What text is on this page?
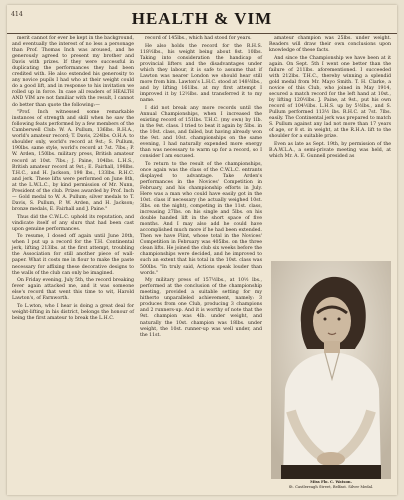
414	HEALTH & VIM

merit cannot for ever be kept in the background, and eventually the interest of no less a personage than Prof. Thomas Inch was aroused, and he generously agreed to present my brother and Davis with prizes. If they were successful in duplicating the performances they had been credited with. He also extended his generosity to any novice pupils I had who at their weight could do a good lift, and in response to his invitation we rolled up in force. In case all readers of HEALTH AND VIM are not familiar with the result, I cannot do better than quote the following:—

"Prof. Inch witnessed some remarkable instances of strength and skill when he saw the following feats performed by a few members of the Camberwell Club: W. A. Pullum, 136lbs. R.H.A., world's amateur record; T. Davis, 224lbs. O.H.A. to shoulder only, world's record at 9st.; S. Pullum, 190lbs. same style, world's record at 7st. 7lbs.; P. W. Arden, 150lbs. military press, British amateur record at 10st. 7lbs.; J. Paine, 104lbs. L.H.S., British amateur record at 9st.; E. Fairhall, 198lbs. T.H.C., and H. Jackson, 198 lbs., 133lbs. R.H.C. and jerk. These lifts were performed on June 8th, at the L.W.L.C., by kind permission of Mr. Nunn, President of the club. Prizes awarded by Prof. Inch — Gold medal to W. A. Pullum; silver medals to T. Davis, S. Pullum, P. W. Arden, and H. Jackson; bronze medals, E. Fairhall and J. Paine."

Thus did the C.W.L.C. uphold its reputation, and vindicate itself of any slurs that had been cast upon genuine performances.

To resume, I dosed off again until June 20th, when I put up a record for the T.H. Continental jerk, lifting 213lbs. at the first attempt, troubling the Association for still another piece of wall-paper. What it costs me in flour to make the paste necessary for affixing these decorative designs to the walls of the club can only be imagined.

On Friday evening, July 5th, the record breaking fever again attacked me, and it was someone else's record that went this time to wit, Harold Lawton's, of Farnworth.

To L.wton, who I hear is doing a great deal for weight-lifting in his district, belongs the honour of being the first amateur to break the L.H.C.

record of 145lbs., which had stood for years.

He also holds the record for the R.H.S. 118½lbs., his weight being about 8st. 10lbs. Taking into consideration the handicap of provincial lifters and the disadvantages under which they labour, it is safe to assume that if Lawton was nearer London we should hear still more from him. Lawton's L.H.C. stood at 148½lbs., and by lifting 161lbs. at my first attempt I improved it by 12½lbs. and transferred it to my name.

I did not break any more records until the Annual Championships, when I increased the existing record of 151lbs. T.H.C. (my own) by 1lb. in the 9st. class. I tried to beat it again by 5lbs. in the 10st. class, and failed, but having already won the 9st. and 10st. championships on the same evening, I had naturally expended more energy than was necessary to warm up for a record, so I consider I am excused.

To return to the result of the championships, once again was the class of the C.W.L.C. entrants displayed to advantage. Take Arden's performances in the Novices' Competition in February, and his championship efforts in July. Here was a man who could have easily got in the 10st. class if necessary (he actually weighed 10st. 3lbs. on the night), competing in the 11st. class, increasing 27lbs. on his single and 5lbs. on his double handed lift in the short space of five months. And I may also add he could have accomplished much more if he had been extended. Then we have Flint, whose total in the Novices' Competition in February was 405lbs. on the three clean lifts. He joined the club six weeks before the championships were decided, and he improved to such an extent that his total in the 10st. class was 500lbs. "In truly said, Actions speak louder than words."

My military press of 157½lbs., at 10½ lbs., performed at the conclusion of the championship meeting, provided a suitable setting for my hitherto unparalleled achievement, namely: 3 produces from one Club, producing 3 champions and 2 runners-up. And it is worthy of note that the 9st. champion was 4lb. under weight, and naturally the 10st. champion was 18lbs. under weight, the 10st. runner-up was well under, and the 11st.

amateur champion was 25lbs. under weight. Readers will draw their own conclusions upon knowledge of these facts.

And since the Championship we have been at it again. On Sept. 5th I went one better than the failure of 211lbs. aforementioned. I succeeded with 212lbs. T.H.C., thereby winning a splendid gold medal from Mr. Mayo Smith. T. H. Clarke, a novice of this Club, who joined in May 1914, secured a match record for the left hand at 10st., by lifting 120½lbs. J. Paine, at 9st., put his own record of 104½lbs. L.H.S. up by 5½lbs., and S. Pullum performed 113½ lbs. R.H.C. at 7st. 7lbs. easily. The Continental jerk was prepared to match S. Pullum against any lad not more than 17 years of age, or 8 st. in weight, at the R.H.A. lift to the shoulder for a suitable prize.

Even as late as Sept. 19th, by permission of the B.A.W.L.A., a semi-private meeting was held, at which Mr. A. E. Gunnell presided as

Miss Flo. C. Watson.
St. Castlereagh Street, Belfast. Silver Medal.
